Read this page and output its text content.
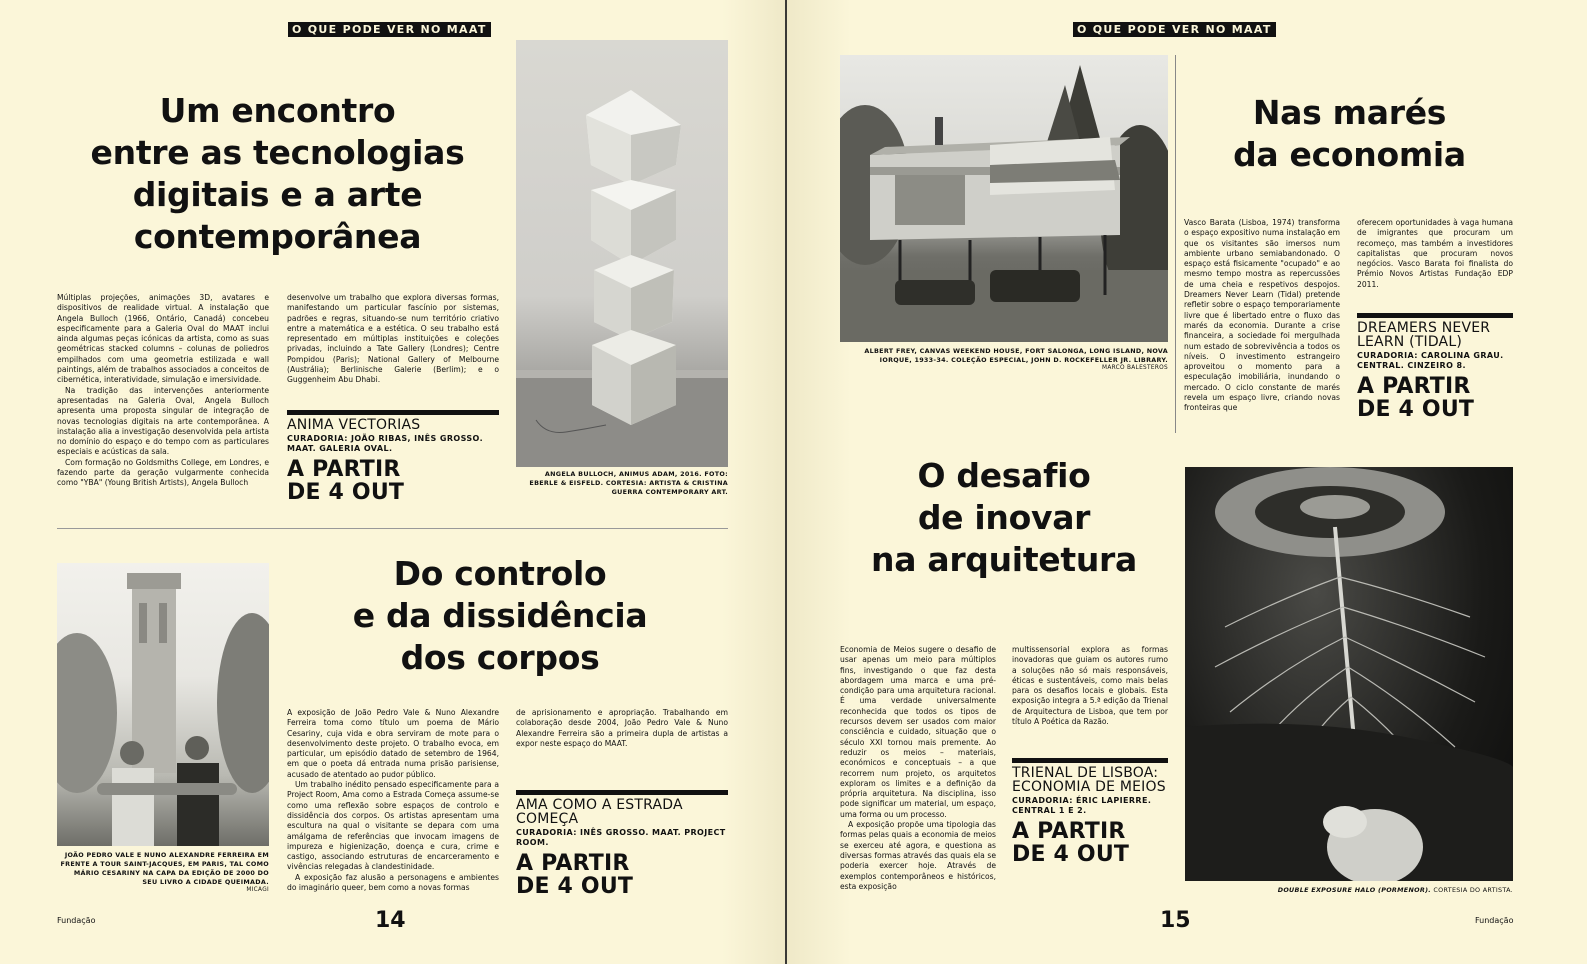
O QUE PODE VER NO MAAT
Um encontro
entre as tecnologias
digitais e a arte
contemporânea

Múltiplas projeções, animações 3D, avatares e dispositivos de realidade virtual. A instalação que Angela Bulloch (1966, Ontário, Canadá) concebeu especificamente para a Galeria Oval do MAAT inclui ainda algumas peças icónicas da artista, como as suas geométricas stacked columns – colunas de poliedros empilhados com uma geometria estilizada e wall paintings, além de trabalhos associados a conceitos de cibernética, interatividade, simulação e imersividade.

Na tradição das intervenções anteriormente apresentadas na Galeria Oval, Angela Bulloch apresenta uma proposta singular de integração de novas tecnologias digitais na arte contemporânea. A instalação alia a investigação desenvolvida pela artista no domínio do espaço e do tempo com as particulares especiais e acústicas da sala.

Com formação no Goldsmiths College, em Londres, e fazendo parte da geração vulgarmente conhecida como "YBA" (Young British Artists), Angela Bulloch

desenvolve um trabalho que explora diversas formas, manifestando um particular fascínio por sistemas, padrões e regras, situando-se num território criativo entre a matemática e a estética. O seu trabalho está representado em múltiplas instituições e coleções privadas, incluindo a Tate Gallery (Londres); Centre Pompidou (Paris); National Gallery of Melbourne (Austrália); Berlinische Galerie (Berlim); e o Guggenheim Abu Dhabi.

ANIMA VECTORIAS
CURADORIA: JOÃO RIBAS, INÊS GROSSO. MAAT. GALERIA OVAL.
A PARTIR DE 4 OUT
ANGELA BULLOCH, ANIMUS ADAM, 2016. FOTO: EBERLE & EISFELD. CORTESIA: ARTISTA & CRISTINA GUERRA CONTEMPORARY ART.
Do controlo
e da dissidência
dos corpos
JOÃO PEDRO VALE E NUNO ALEXANDRE FERREIRA EM FRENTE A TOUR SAINT-JACQUES, EM PARIS, TAL COMO MÁRIO CESARINY NA CAPA DA EDIÇÃO DE 2000 DO SEU LIVRO A CIDADE QUEIMADA.
MICAGI

A exposição de João Pedro Vale & Nuno Alexandre Ferreira toma como título um poema de Mário Cesariny, cuja vida e obra serviram de mote para o desenvolvimento deste projeto. O trabalho evoca, em particular, um episódio datado de setembro de 1964, em que o poeta dá entrada numa prisão parisiense, acusado de atentado ao pudor público.

Um trabalho inédito pensado especificamente para a Project Room, Ama como a Estrada Começa assume-se como uma reflexão sobre espaços de controlo e dissidência dos corpos. Os artistas apresentam uma escultura na qual o visitante se depara com uma amálgama de referências que invocam imagens de impureza e higienização, doença e cura, crime e castigo, associando estruturas de encarceramento e vivências relegadas à clandestinidade.

A exposição faz alusão a personagens e ambientes do imaginário queer, bem como a novas formas

de aprisionamento e apropriação. Trabalhando em colaboração desde 2004, João Pedro Vale & Nuno Alexandre Ferreira são a primeira dupla de artistas a expor neste espaço do MAAT.

AMA COMO A ESTRADA COMEÇA
CURADORIA: INÊS GROSSO. MAAT. PROJECT ROOM.
A PARTIR DE 4 OUT
Fundação	14
O QUE PODE VER NO MAAT
ALBERT FREY, CANVAS WEEKEND HOUSE, FORT SALONGA, LONG ISLAND, NOVA IORQUE, 1933-34. COLEÇÃO ESPECIAL, JOHN D. ROCKEFELLER JR. LIBRARY.
MARCO BALESTEROS
Nas marés
da economia

Vasco Barata (Lisboa, 1974) transforma o espaço expositivo numa instalação em que os visitantes são imersos num ambiente urbano semiabandonado. O espaço está fisicamente "ocupado" e ao mesmo tempo mostra as repercussões de uma cheia e respetivos despojos. Dreamers Never Learn (Tidal) pretende refletir sobre o espaço temporariamente livre que é libertado entre o fluxo das marés da economia. Durante a crise financeira, a sociedade foi mergulhada num estado de sobrevivência a todos os níveis. O investimento estrangeiro aproveitou o momento para a especulação imobiliária, inundando o mercado. O ciclo constante de marés revela um espaço livre, criando novas fronteiras que

oferecem oportunidades à vaga humana de imigrantes que procuram um recomeço, mas também a investidores capitalistas que procuram novos negócios. Vasco Barata foi finalista do Prémio Novos Artistas Fundação EDP 2011.

DREAMERS NEVER LEARN (TIDAL)
CURADORIA: CAROLINA GRAU. CENTRAL. CINZEIRO 8.
A PARTIR DE 4 OUT
O desafio
de inovar
na arquitetura

Economia de Meios sugere o desafio de usar apenas um meio para múltiplos fins, investigando o que faz desta abordagem uma marca e uma pré-condição para uma arquitetura racional. É uma verdade universalmente reconhecida que todos os tipos de recursos devem ser usados com maior consciência e cuidado, situação que o século XXI tornou mais premente. Ao reduzir os meios – materiais, económicos e conceptuais – a que recorrem num projeto, os arquitetos exploram os limites e a definição da própria arquitetura. Na disciplina, isso pode significar um material, um espaço, uma forma ou um processo.

A exposição propõe uma tipologia das formas pelas quais a economia de meios se exerceu até agora, e questiona as diversas formas através das quais ela se poderia exercer hoje. Através de exemplos contemporâneos e históricos, esta exposição

multissensorial explora as formas inovadoras que guiam os autores rumo a soluções não só mais responsáveis, éticas e sustentáveis, como mais belas para os desafios locais e globais. Esta exposição integra a 5.ª edição da Trienal de Arquitectura de Lisboa, que tem por título A Poética da Razão.

TRIENAL DE LISBOA: ECONOMIA DE MEIOS
CURADORIA: ÉRIC LAPIERRE. CENTRAL 1 E 2.
A PARTIR DE 4 OUT
DOUBLE EXPOSURE HALO (PORMENOR). CORTESIA DO ARTISTA.
15	Fundação
